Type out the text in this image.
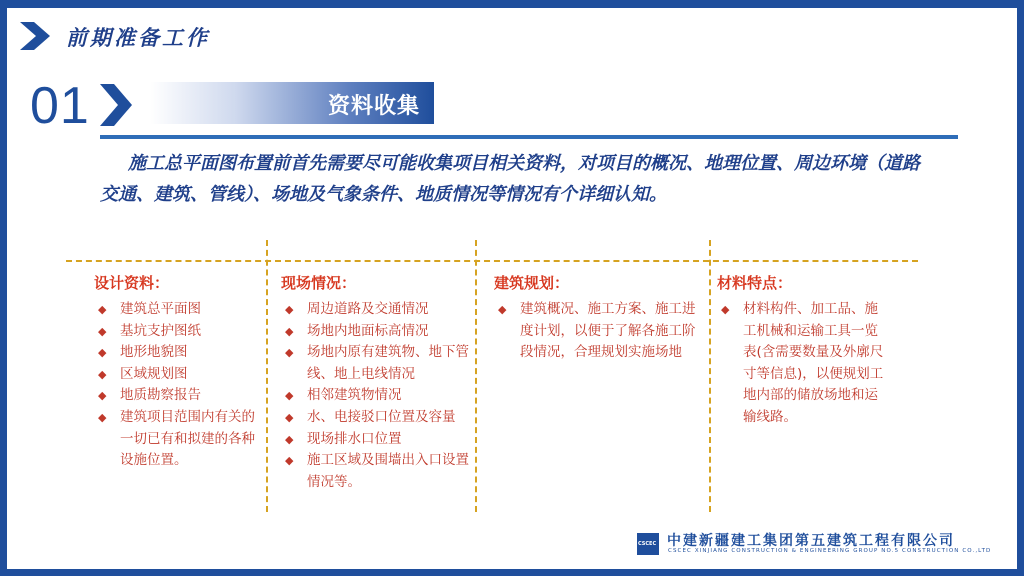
前期准备工作
01	资料收集
施工总平面图布置前首先需要尽可能收集项目相关资料，对项目的概况、地理位置、周边环境（道路交通、建筑、管线）、场地及气象条件、地质情况等情况有个详细认知。
设计资料：
◆ 建筑总平面图
◆ 基坑支护图纸
◆ 地形地貌图
◆ 区域规划图
◆ 地质勘察报告
◆ 建筑项目范围内有关的一切已有和拟建的各种设施位置。
现场情况：
◆ 周边道路及交通情况
◆ 场地内地面标高情况
◆ 场地内原有建筑物、地下管线、地上电线情况
◆ 相邻建筑物情况
◆ 水、电接驳口位置及容量
◆ 现场排水口位置
◆ 施工区域及围墙出入口设置情况等。
建筑规划：
◆ 建筑概况、施工方案、施工进度计划，以便于了解各施工阶段情况，合理规划实施场地
材料特点：
◆ 材料构件、加工品、施工机械和运输工具一览表(含需要数量及外廓尺寸等信息)，以便规划工地内部的储放场地和运输线路。
CSCEC 中建新疆建工集团第五建筑工程有限公司
CSCEC XINJIANG CONSTRUCTION & ENGINEERING GROUP NO.5 CONSTRUCTION CO.,LTD
